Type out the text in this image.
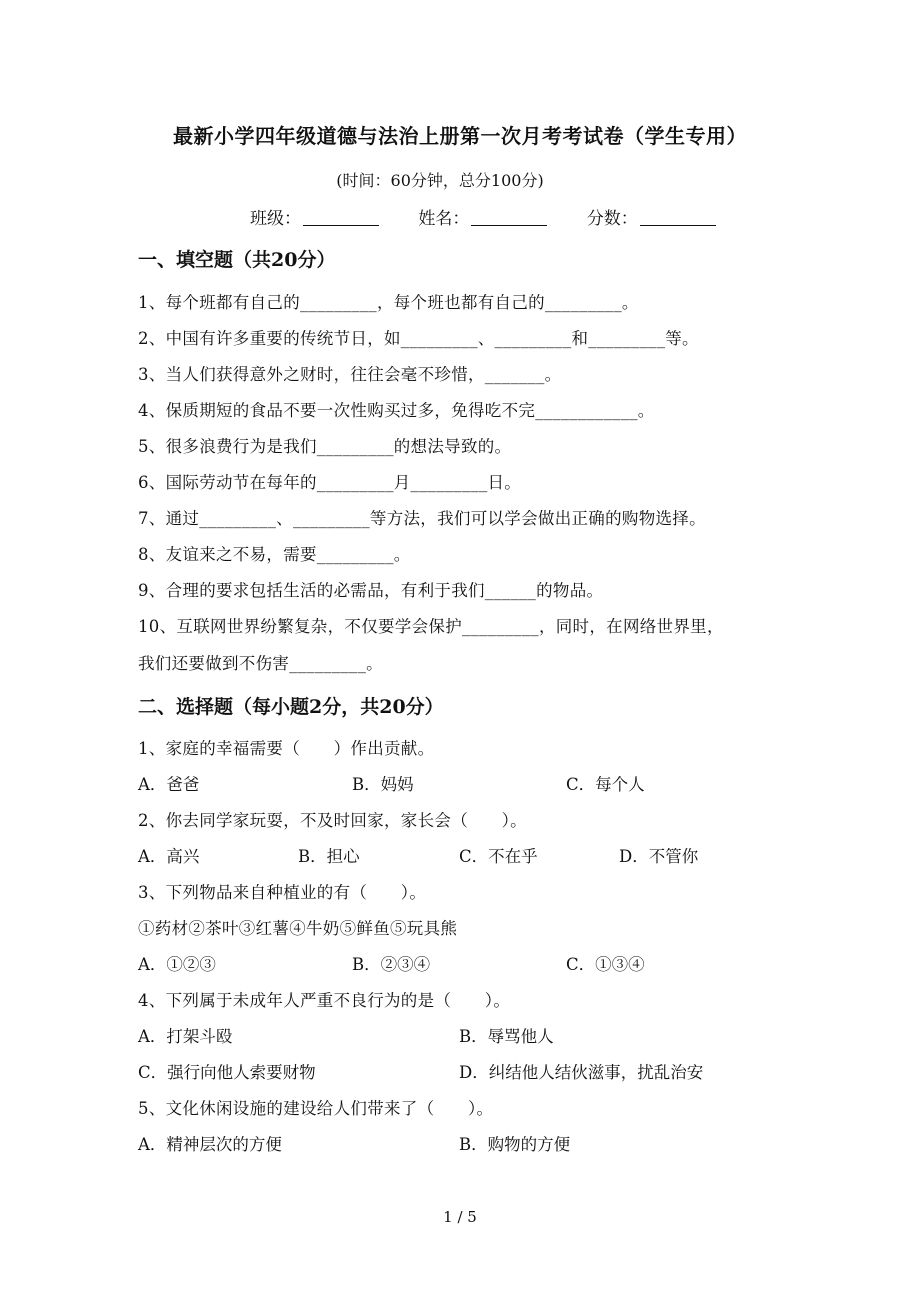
最新小学四年级道德与法治上册第一次月考考试卷（学生专用）
(时间：60分钟，总分100分)
班级：	姓名：	分数：
一、填空题（共20分）
1、每个班都有自己的_________，每个班也都有自己的_________。
2、中国有许多重要的传统节日，如_________、_________和_________等。
3、当人们获得意外之财时，往往会毫不珍惜，_______。
4、保质期短的食品不要一次性购买过多，免得吃不完____________。
5、很多浪费行为是我们_________的想法导致的。
6、国际劳动节在每年的_________月_________日。
7、通过_________、_________等方法，我们可以学会做出正确的购物选择。
8、友谊来之不易，需要_________。
9、合理的要求包括生活的必需品，有利于我们______的物品。
10、互联网世界纷繁复杂，不仅要学会保护_________，同时，在网络世界里，
我们还要做到不伤害_________。
二、选择题（每小题2分，共20分）
1、家庭的幸福需要（　　）作出贡献。
A．爸爸	B．妈妈	C．每个人
2、你去同学家玩耍，不及时回家，家长会（　　）。
A．高兴	B．担心	C．不在乎	D．不管你
3、下列物品来自种植业的有（　　）。
①药材②茶叶③红薯④牛奶⑤鲜鱼⑤玩具熊
A．①②③	B．②③④	C．①③④
4、下列属于未成年人严重不良行为的是（　　）。
A．打架斗殴	B．辱骂他人
C．强行向他人索要财物	D．纠结他人结伙滋事，扰乱治安
5、文化休闲设施的建设给人们带来了（　　）。
A．精神层次的方便	B．购物的方便
1 / 5
